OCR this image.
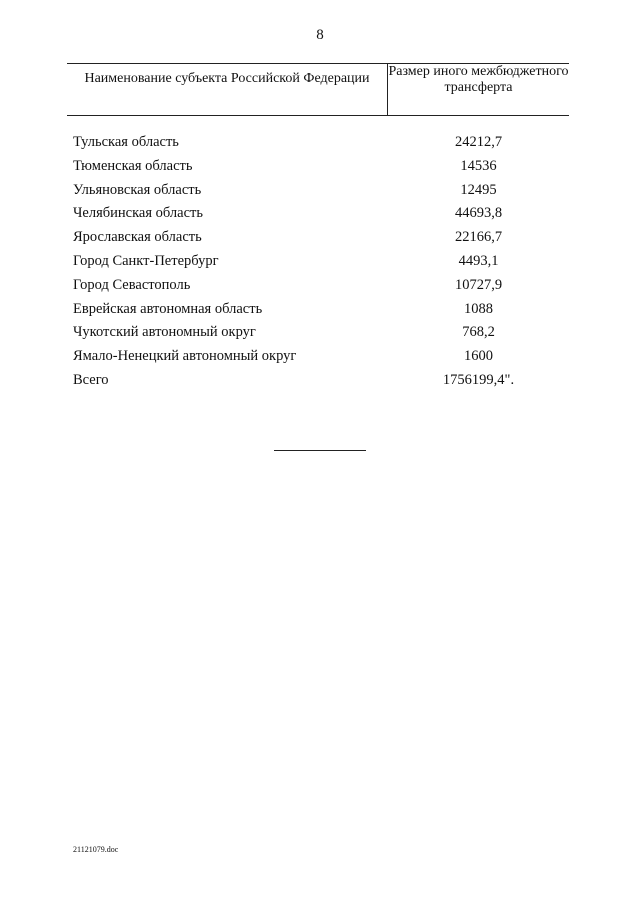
8
Наименование субъекта Российской Федерации	Размер иного межбюджетного трансферта
Тульская область	24212,7
Тюменская область	14536
Ульяновская область	12495
Челябинская область	44693,8
Ярославская область	22166,7
Город Санкт-Петербург	4493,1
Город Севастополь	10727,9
Еврейская автономная область	1088
Чукотский автономный округ	768,2
Ямало-Ненецкий автономный округ	1600
Всего	1756199,4".
21121079.doc
